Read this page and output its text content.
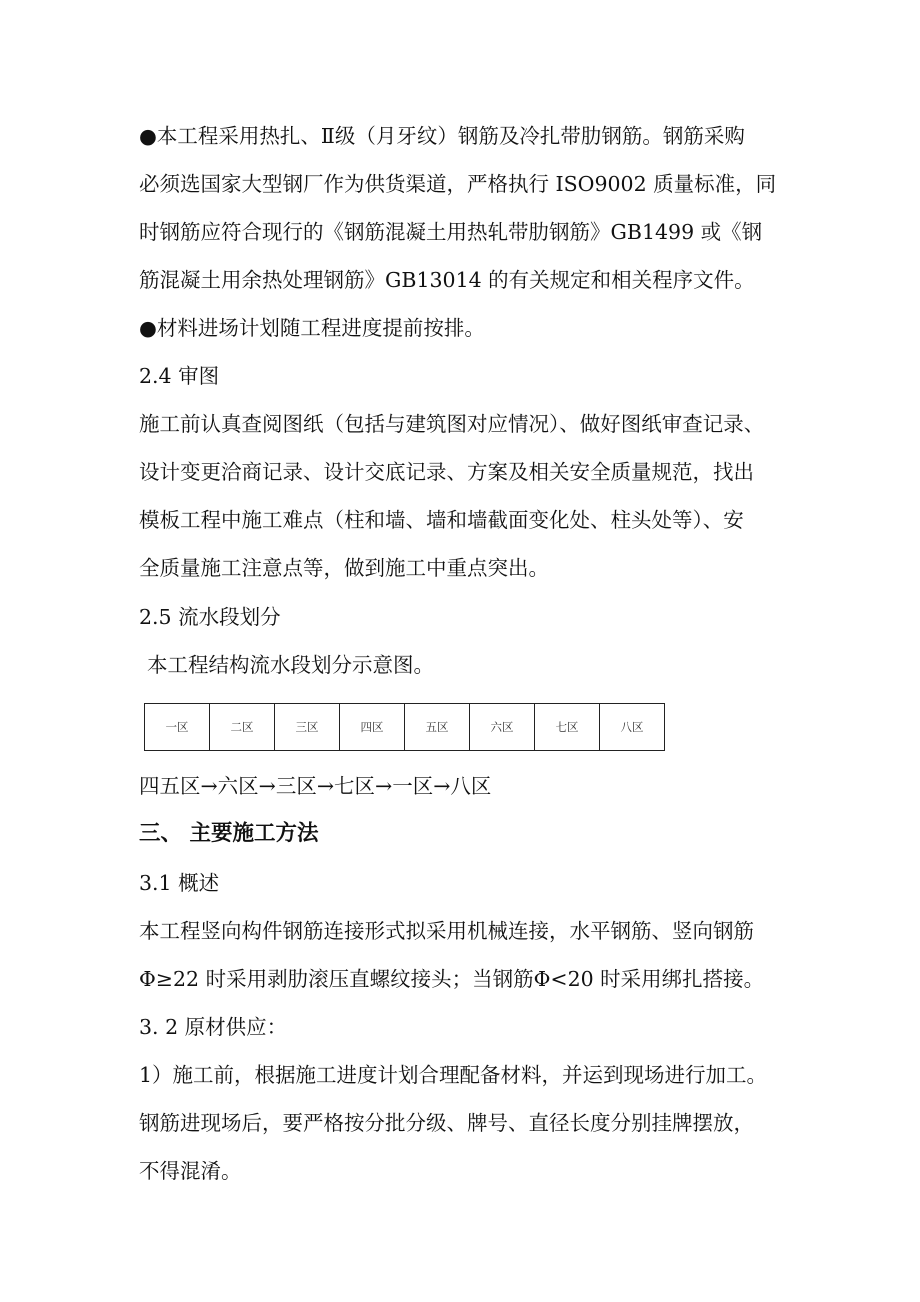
●本工程采用热扎、Ⅱ级（月牙纹）钢筋及冷扎带肋钢筋。钢筋采购
必须选国家大型钢厂作为供货渠道，严格执行 ISO9002 质量标准，同
时钢筋应符合现行的《钢筋混凝土用热轧带肋钢筋》GB1499 或《钢
筋混凝土用余热处理钢筋》GB13014 的有关规定和相关程序文件。
●材料进场计划随工程进度提前按排。
2.4 审图
施工前认真查阅图纸（包括与建筑图对应情况）、做好图纸审查记录、
设计变更洽商记录、设计交底记录、方案及相关安全质量规范，找出
模板工程中施工难点（柱和墙、墙和墙截面变化处、柱头处等）、安
全质量施工注意点等，做到施工中重点突出。
2.5 流水段划分
本工程结构流水段划分示意图。
一区	二区	三区	四区	五区	六区	七区	八区
四五区→六区→三区→七区→一区→八区
三、 主要施工方法
3.1 概述
本工程竖向构件钢筋连接形式拟采用机械连接，水平钢筋、竖向钢筋
Φ≥22 时采用剥肋滚压直螺纹接头；当钢筋Φ<20 时采用绑扎搭接。
3. 2 原材供应：
1）施工前，根据施工进度计划合理配备材料，并运到现场进行加工。
钢筋进现场后，要严格按分批分级、牌号、直径长度分别挂牌摆放，
不得混淆。
